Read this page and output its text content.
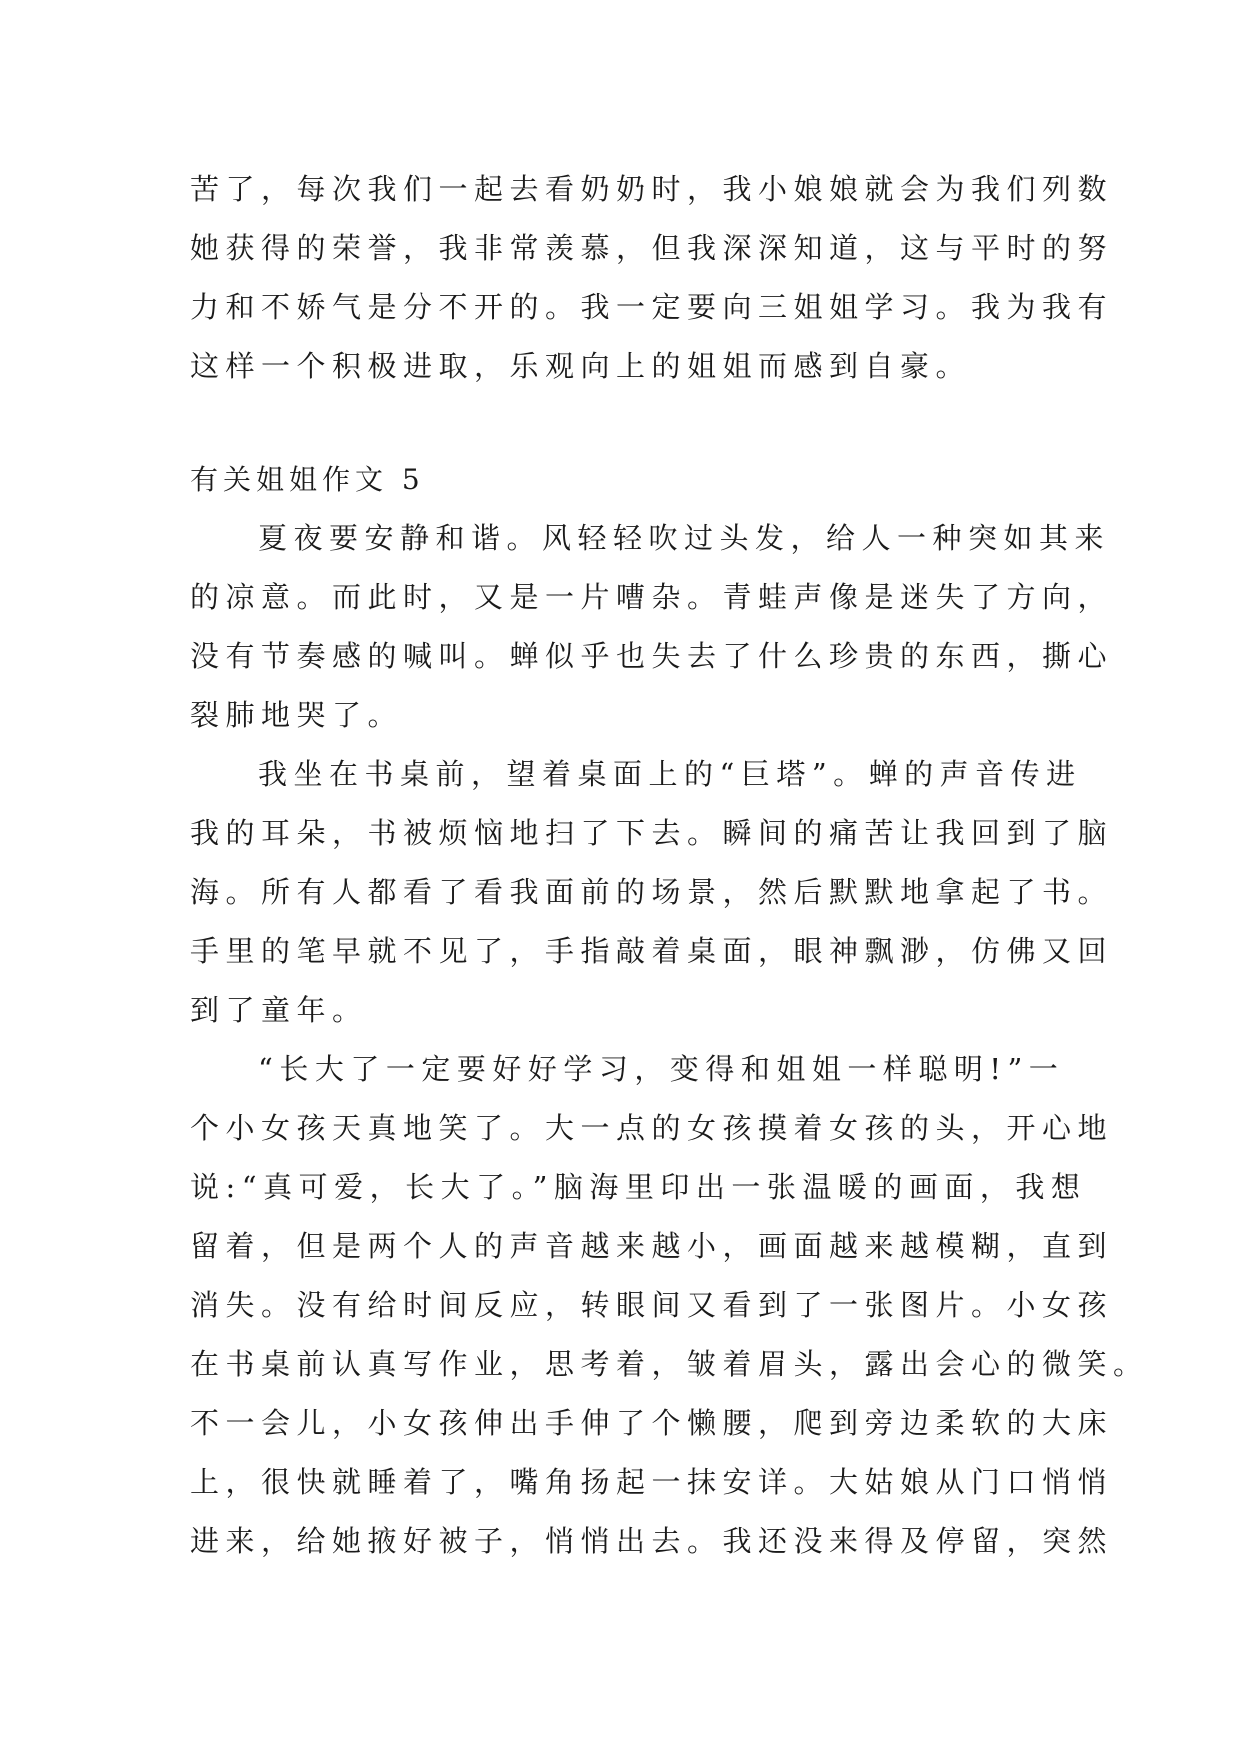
苦了，每次我们一起去看奶奶时，我小娘娘就会为我们列数
她获得的荣誉，我非常羡慕，但我深深知道，这与平时的努
力和不娇气是分不开的。我一定要向三姐姐学习。我为我有
这样一个积极进取，乐观向上的姐姐而感到自豪。
有关姐姐作文 5
夏夜要安静和谐。风轻轻吹过头发，给人一种突如其来
的凉意。而此时，又是一片嘈杂。青蛙声像是迷失了方向，
没有节奏感的喊叫。蝉似乎也失去了什么珍贵的东西，撕心
裂肺地哭了。
我坐在书桌前，望着桌面上的“巨塔”。蝉的声音传进
我的耳朵，书被烦恼地扫了下去。瞬间的痛苦让我回到了脑
海。所有人都看了看我面前的场景，然后默默地拿起了书。
手里的笔早就不见了，手指敲着桌面，眼神飘渺，仿佛又回
到了童年。
“长大了一定要好好学习，变得和姐姐一样聪明!”一
个小女孩天真地笑了。大一点的女孩摸着女孩的头，开心地
说:“真可爱，长大了。”脑海里印出一张温暖的画面，我想
留着，但是两个人的声音越来越小，画面越来越模糊，直到
消失。没有给时间反应，转眼间又看到了一张图片。小女孩
在书桌前认真写作业，思考着，皱着眉头，露出会心的微笑。
不一会儿，小女孩伸出手伸了个懒腰，爬到旁边柔软的大床
上，很快就睡着了，嘴角扬起一抹安详。大姑娘从门口悄悄
进来，给她掖好被子，悄悄出去。我还没来得及停留，突然
